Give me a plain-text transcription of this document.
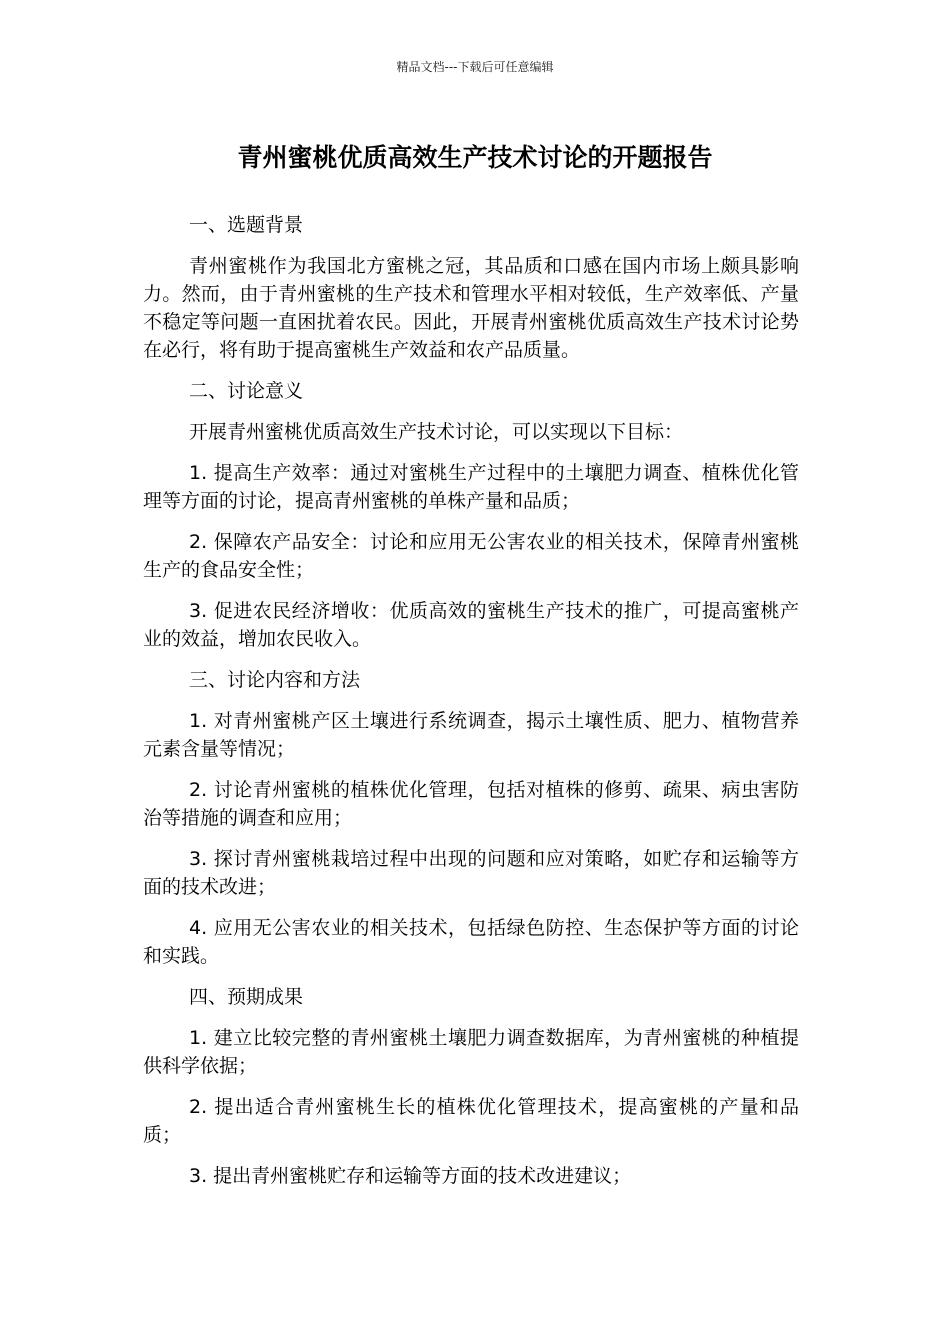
精品文档---下载后可任意编辑
青州蜜桃优质高效生产技术讨论的开题报告

一、选题背景

青州蜜桃作为我国北方蜜桃之冠，其品质和口感在国内市场上颇具影响力。然而，由于青州蜜桃的生产技术和管理水平相对较低，生产效率低、产量不稳定等问题一直困扰着农民。因此，开展青州蜜桃优质高效生产技术讨论势在必行，将有助于提高蜜桃生产效益和农产品质量。

二、讨论意义

开展青州蜜桃优质高效生产技术讨论，可以实现以下目标：

1. 提高生产效率：通过对蜜桃生产过程中的土壤肥力调查、植株优化管理等方面的讨论，提高青州蜜桃的单株产量和品质；

2. 保障农产品安全：讨论和应用无公害农业的相关技术，保障青州蜜桃生产的食品安全性；

3. 促进农民经济增收：优质高效的蜜桃生产技术的推广，可提高蜜桃产业的效益，增加农民收入。

三、讨论内容和方法

1. 对青州蜜桃产区土壤进行系统调查，揭示土壤性质、肥力、植物营养元素含量等情况；

2. 讨论青州蜜桃的植株优化管理，包括对植株的修剪、疏果、病虫害防治等措施的调查和应用；

3. 探讨青州蜜桃栽培过程中出现的问题和应对策略，如贮存和运输等方面的技术改进；

4. 应用无公害农业的相关技术，包括绿色防控、生态保护等方面的讨论和实践。

四、预期成果

1. 建立比较完整的青州蜜桃土壤肥力调查数据库，为青州蜜桃的种植提供科学依据；

2. 提出适合青州蜜桃生长的植株优化管理技术，提高蜜桃的产量和品质；

3. 提出青州蜜桃贮存和运输等方面的技术改进建议；
